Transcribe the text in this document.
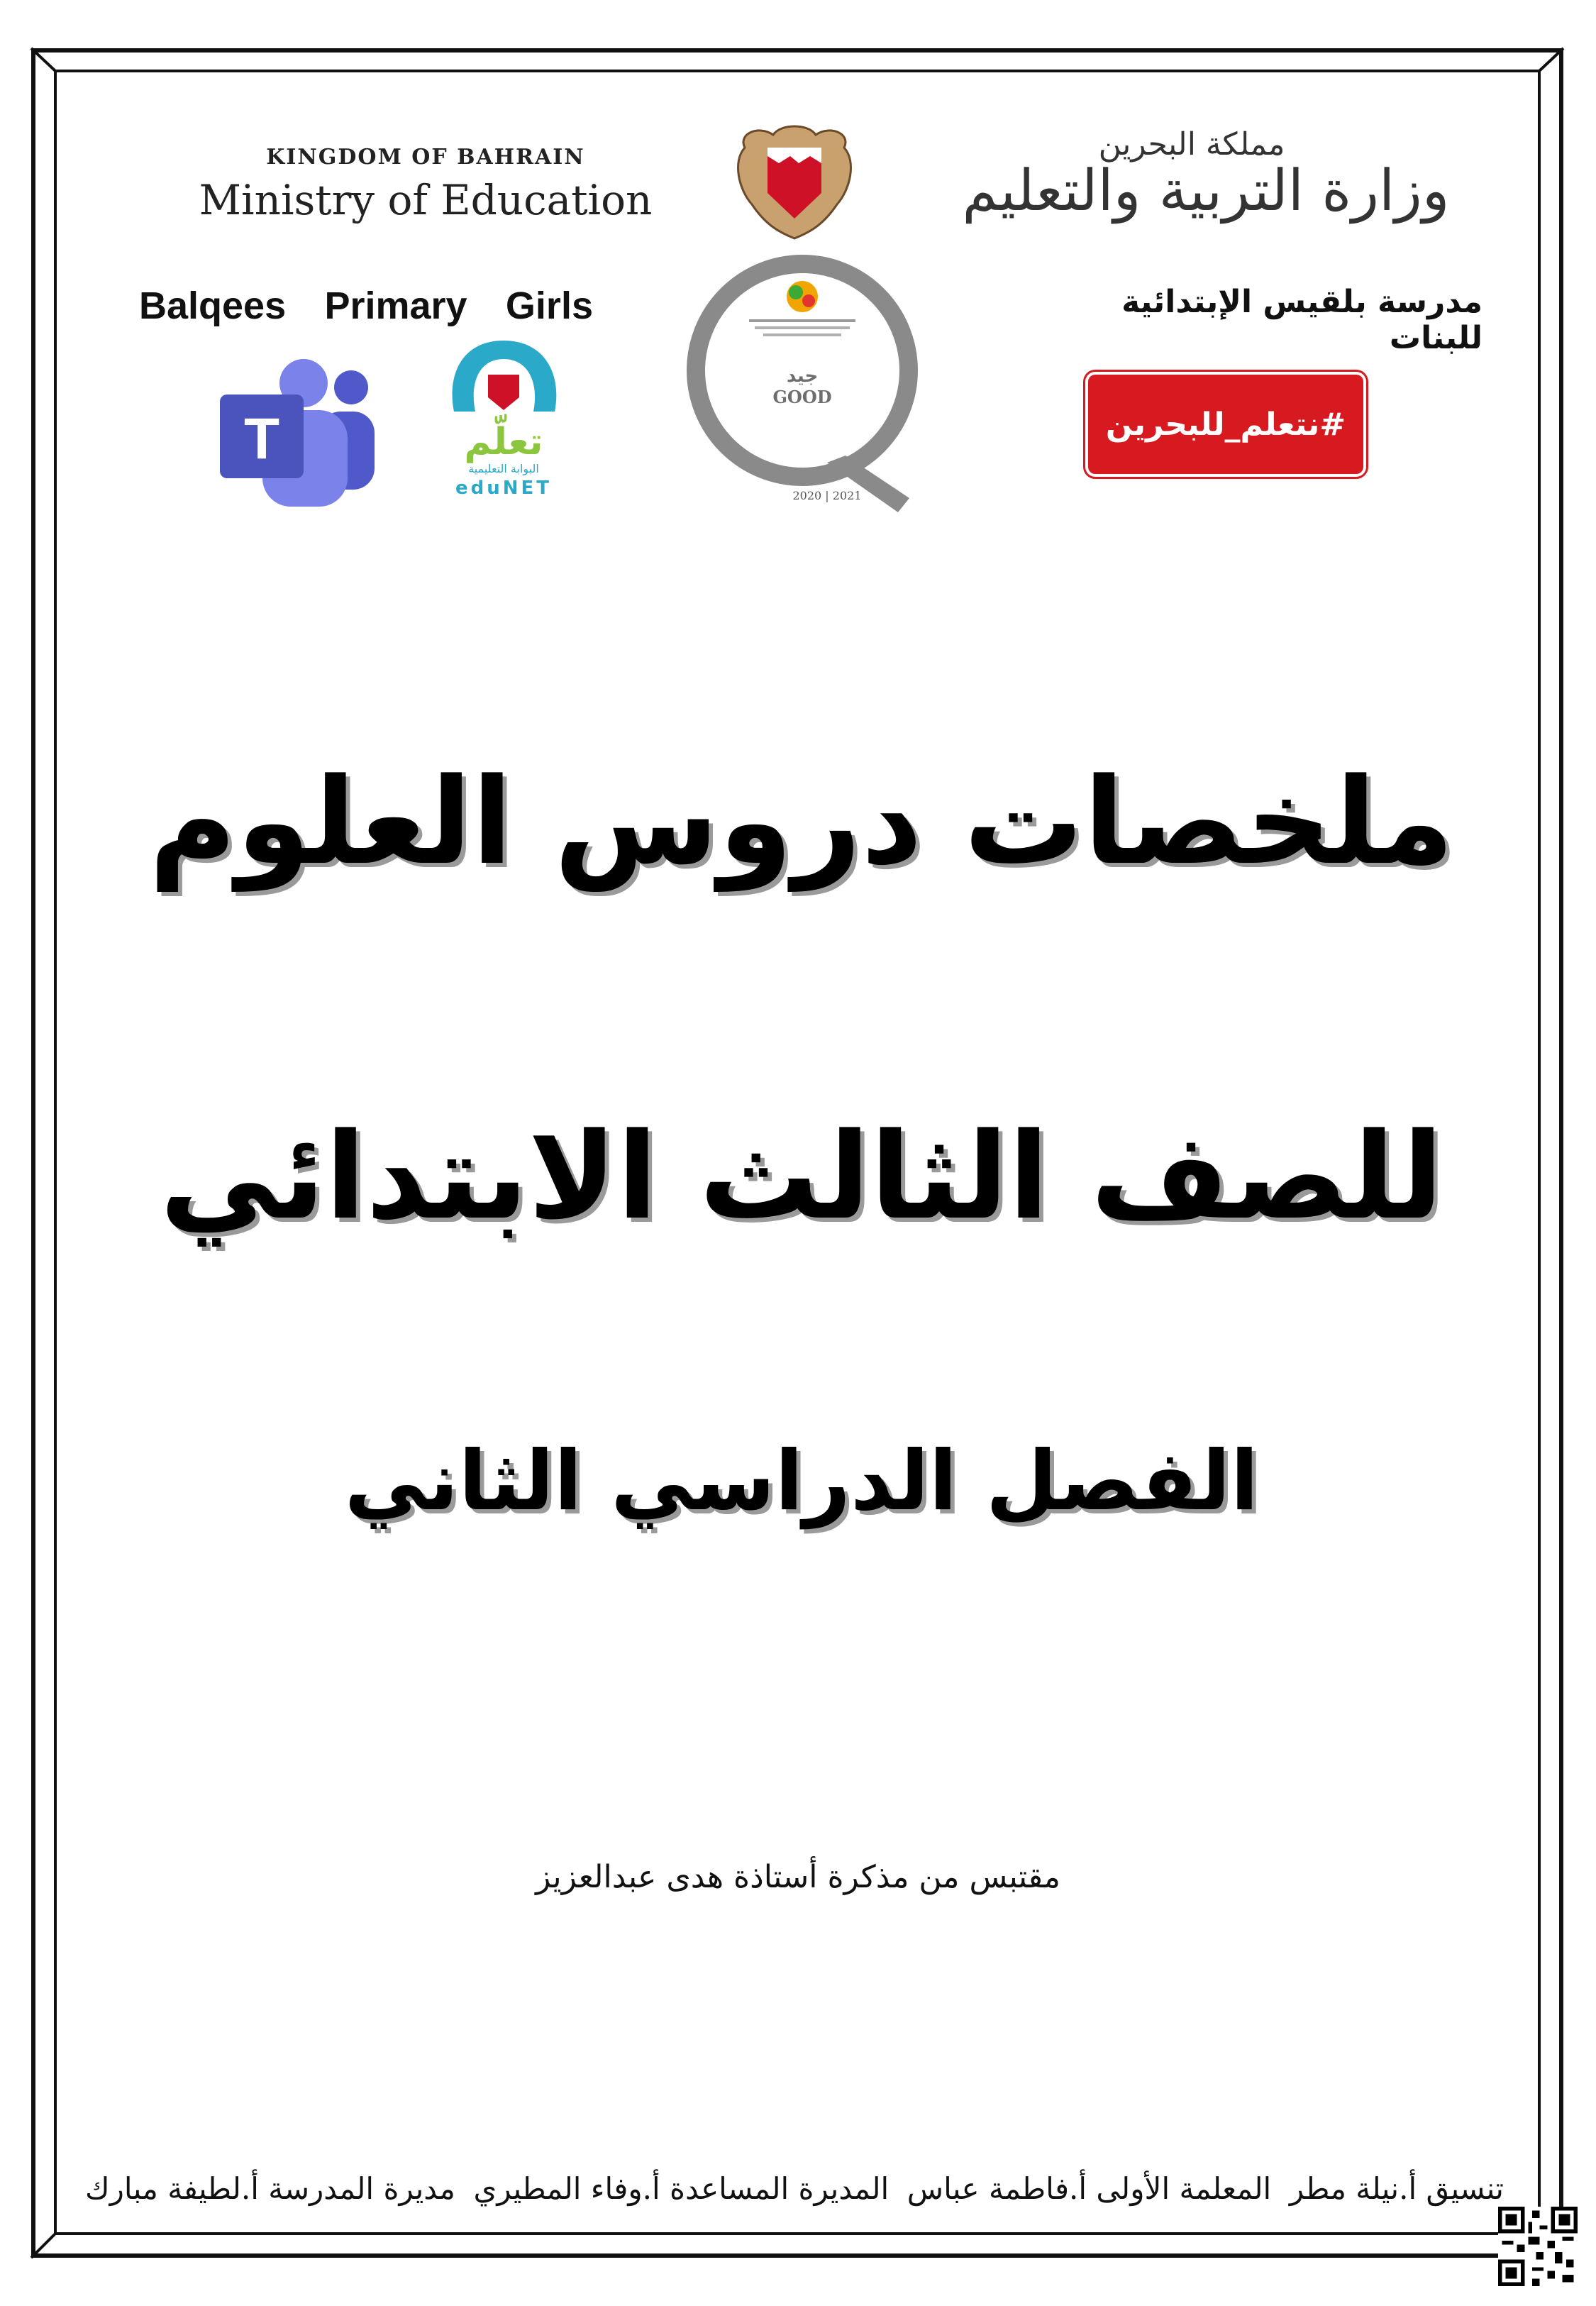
KINGDOM OF BAHRAIN
Ministry of Education
Balqees Primary Girls
T	تعلّم
البوابة التعليمية
eduNET
جيد
GOOD
2020 | 2021
مملكة البحرين
وزارة التربية والتعليم
مدرسة بلقيس الإبتدائية للبنات
#نتعلم_للبحرين
ملخصات دروس العلوم
للصف الثالث الابتدائي
الفصل الدراسي الثاني
مقتبس من مذكرة أستاذة هدى عبدالعزيز
تنسيق أ.نيلة مطر
المعلمة الأولى أ.فاطمة عباس
المديرة المساعدة أ.وفاء المطيري
مديرة المدرسة أ.لطيفة مبارك
